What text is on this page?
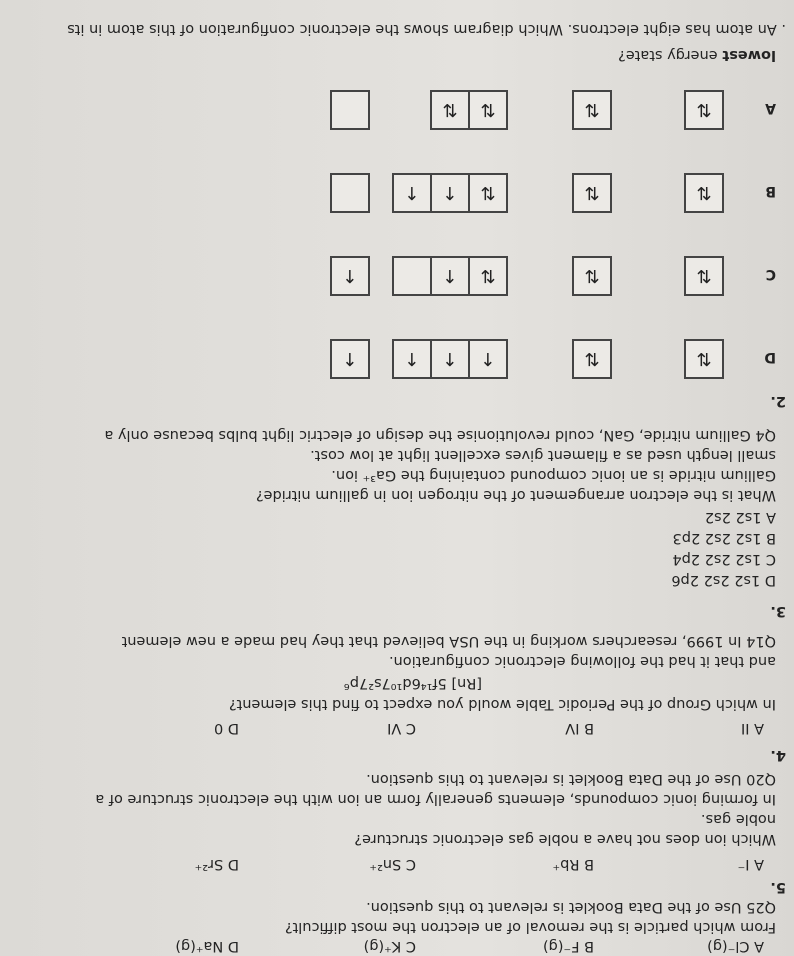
. An atom has eight electrons. Which diagram shows the electronic configuration of this atom in its
lowest energy state?
A
⇅
⇅
⇅
⇅
B
⇅
⇅
⇅
↑
↑
C
⇅
⇅
⇅
↑
↑
D
⇅
⇅
↑
↑
↑
↑
2.
Q4 Gallium nitride, GaN, could revolutionise the design of electric light bulbs because only a
small length used as a filament gives excellent light at low cost.
Gallium nitride is an ionic compound containing the Ga³⁺ ion.
What is the electron arrangement of the nitrogen ion in gallium nitride?
A 1s2 2s2
B 1s2 2s2 2p3
C 1s2 2s2 2p4
D 1s2 2s2 2p6
3.
Q14 In 1999, researchers working in the USA believed that they had made a new element
and that it had the following electronic configuration.
[Rn] 5f¹⁴6d¹⁰7s²7p⁶
In which Group of the Periodic Table would you expect to find this element?
A II
B IV
C VI
D 0
4.
Q20 Use of the Data Booklet is relevant to this question.
In forming ionic compounds, elements generally form an ion with the electronic structure of a
noble gas.
Which ion does not have a noble gas electronic structure?
A I⁻
B Rb⁺
C Sn²⁺
D Sr²⁺
5.
Q25 Use of the Data Booklet is relevant to this question.
From which particle is the removal of an electron the most difficult?
A Cl⁻(g)
B F⁻(g)
C K⁺(g)
D Na⁺(g)
